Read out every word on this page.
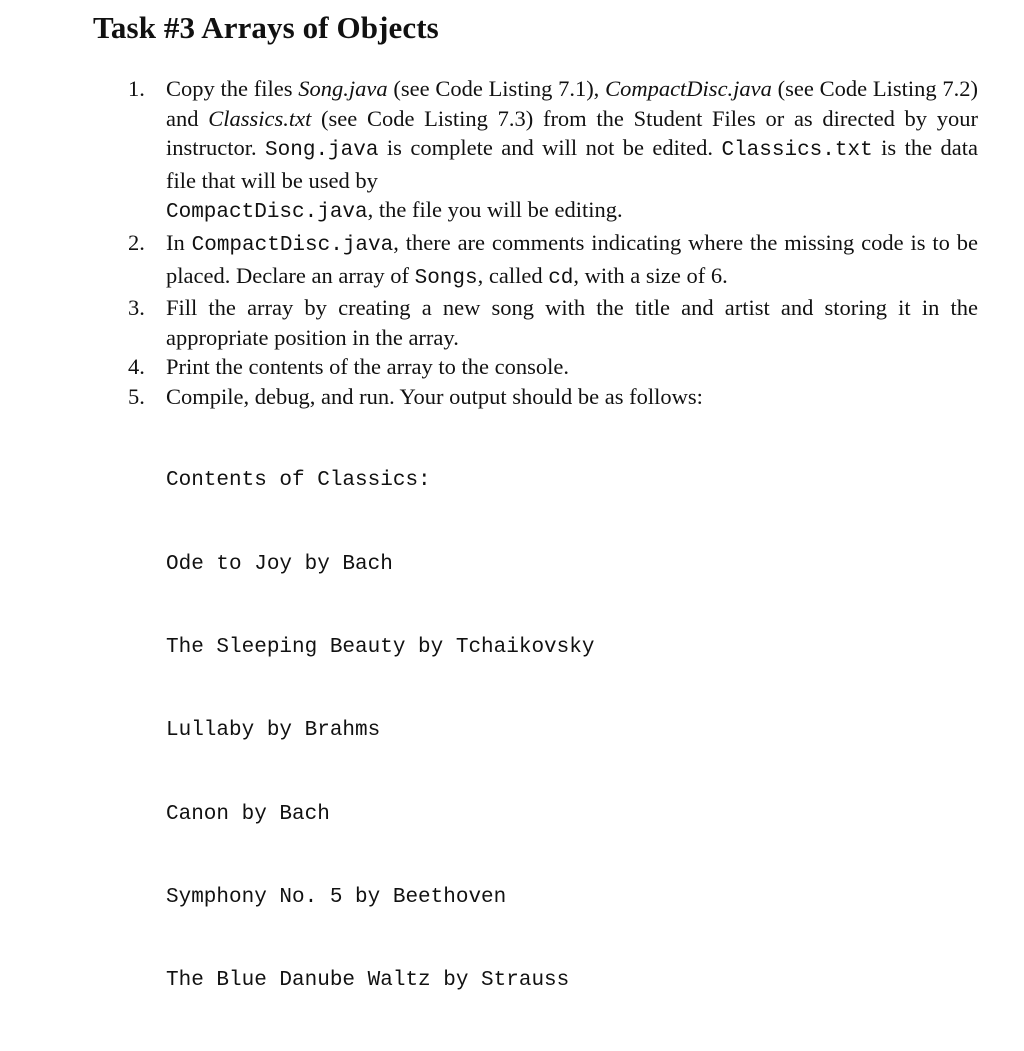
Task #3 Arrays of Objects
1. Copy the files Song.java (see Code Listing 7.1), CompactDisc.java (see Code Listing 7.2) and Classics.txt (see Code Listing 7.3) from the Student Files or as directed by your instructor. Song.java is complete and will not be edited. Classics.txt is the data file that will be used by
CompactDisc.java, the file you will be editing.
2. In CompactDisc.java, there are comments indicating where the missing code is to be placed. Declare an array of Songs, called cd, with a size of 6.
3. Fill the array by creating a new song with the title and artist and storing it in the appropriate position in the array.
4. Print the contents of the array to the console.
5. Compile, debug, and run. Your output should be as follows:

Contents of Classics:

Ode to Joy by Bach

The Sleeping Beauty by Tchaikovsky

Lullaby by Brahms

Canon by Bach

Symphony No. 5 by Beethoven

The Blue Danube Waltz by Strauss
